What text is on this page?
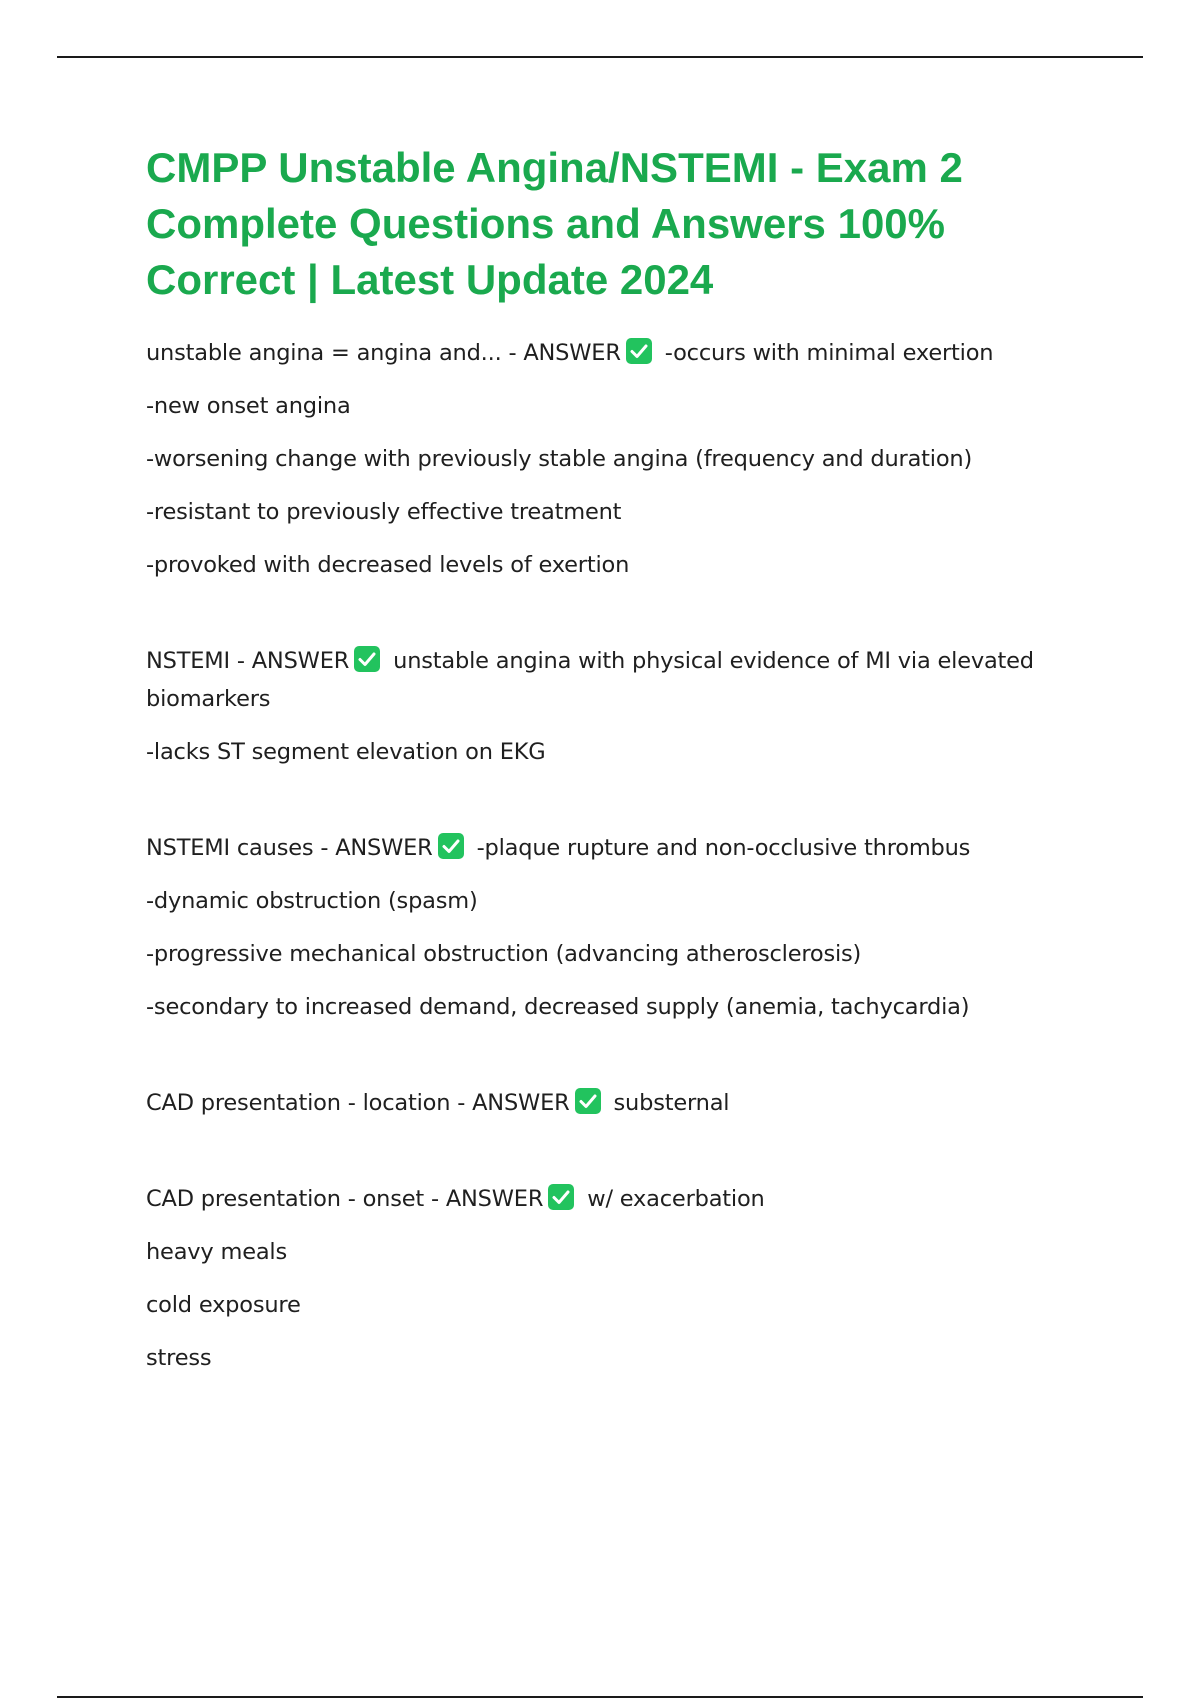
CMPP Unstable Angina/NSTEMI - Exam 2 Complete Questions and Answers 100% Correct | Latest Update 2024

unstable angina = angina and... - ANSWER -occurs with minimal exertion

-new onset angina

-worsening change with previously stable angina (frequency and duration)

-resistant to previously effective treatment

-provoked with decreased levels of exertion

NSTEMI - ANSWER unstable angina with physical evidence of MI via elevated biomarkers

-lacks ST segment elevation on EKG

NSTEMI causes - ANSWER -plaque rupture and non-occlusive thrombus

-dynamic obstruction (spasm)

-progressive mechanical obstruction (advancing atherosclerosis)

-secondary to increased demand, decreased supply (anemia, tachycardia)

CAD presentation - location - ANSWER substernal

CAD presentation - onset - ANSWER w/ exacerbation

heavy meals

cold exposure

stress
